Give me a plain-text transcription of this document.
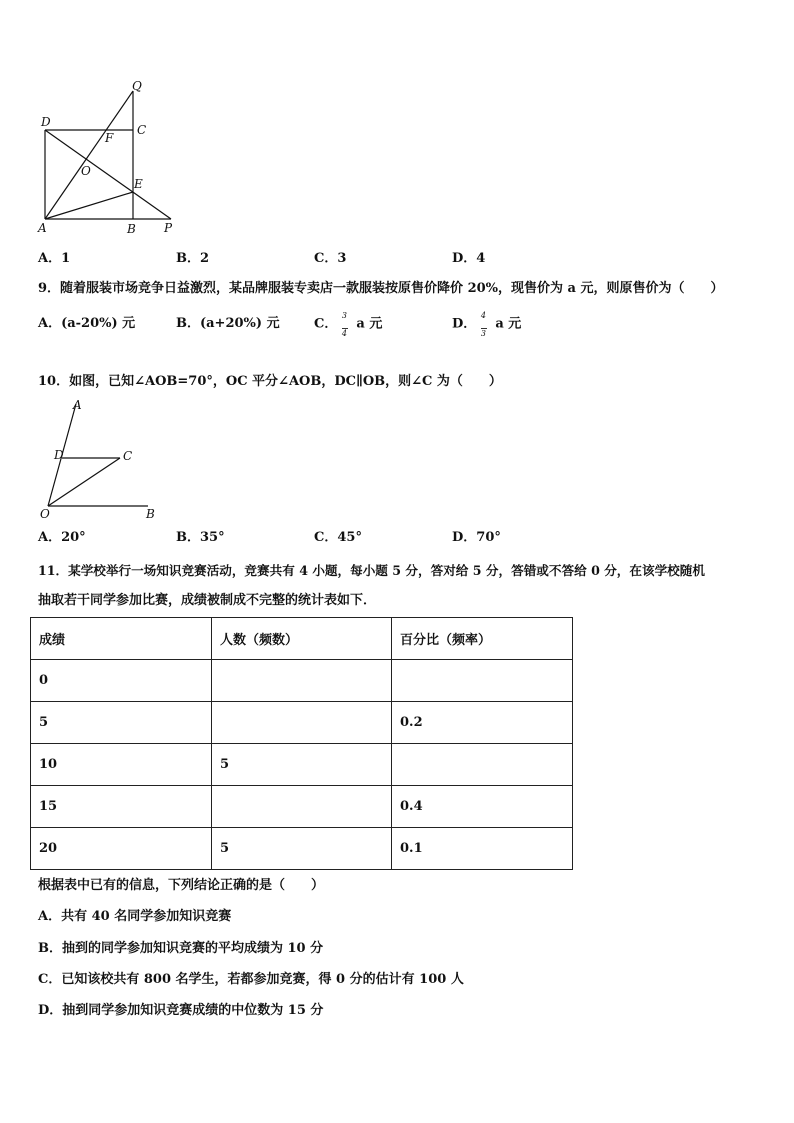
Q
D
C
F
O
E
A	B P
A．1	B．2	C．3	D．4
9．随着服装市场竞争日益激烈，某品牌服装专卖店一款服装按原售价降价 20%，现售价为 a 元，则原售价为（　　）
A．(a-20%) 元	B．(a+20%) 元	C． $\frac{3}{4}$ a 元	D． $\frac{4}{3}$ a 元
10．如图，已知∠AOB=70°，OC 平分∠AOB，DC∥OB，则∠C 为（　　）
A
D	C
O	B
A．20°	B．35°	C．45°	D．70°
11．某学校举行一场知识竞赛活动，竞赛共有 4 小题，每小题 5 分，答对给 5 分，答错或不答给 0 分，在该学校随机
抽取若干同学参加比赛，成绩被制成不完整的统计表如下．
成绩	人数（频数）	百分比（频率）
0		
5		0.2
10	5	
15		0.4
20	5	0.1
根据表中已有的信息，下列结论正确的是（　　）
A．共有 40 名同学参加知识竞赛
B．抽到的同学参加知识竞赛的平均成绩为 10 分
C．已知该校共有 800 名学生，若都参加竞赛，得 0 分的估计有 100 人
D．抽到同学参加知识竞赛成绩的中位数为 15 分
